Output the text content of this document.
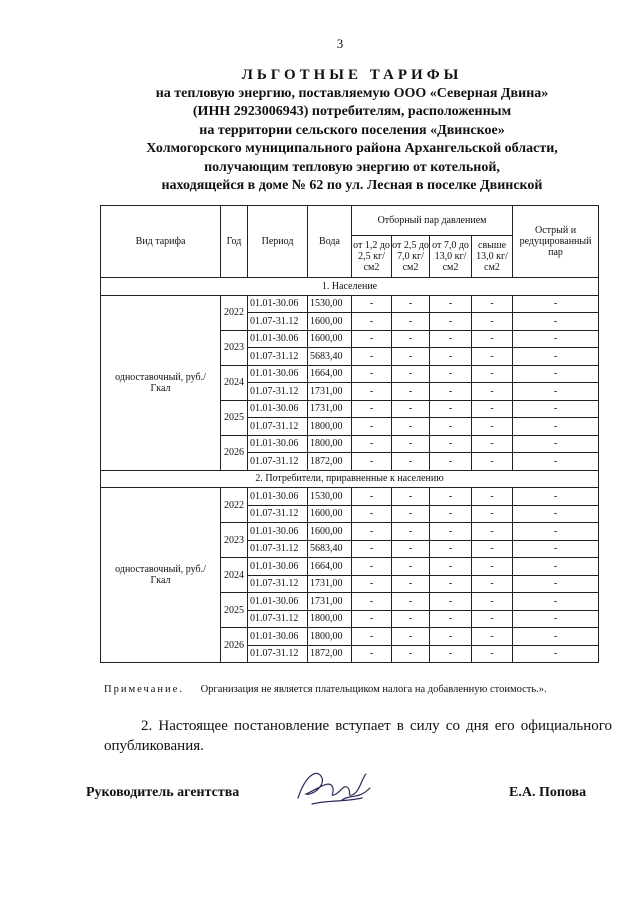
3
ЛЬГОТНЫЕ ТАРИФЫ
на тепловую энергию, поставляемую ООО «Северная Двина»
(ИНН 2923006943) потребителям, расположенным
на территории сельского поселения «Двинское»
Холмогорского муниципального района Архангельской области,
получающим тепловую энергию от котельной,
находящейся в доме № 62 по ул. Лесная в поселке Двинской
Вид тарифа	Год	Период	Вода	Отборный пар давлением				Острый и редуцированный пар
				от 1,2 до 2,5 кг/см2	от 2,5 до 7,0 кг/см2	от 7,0 до 13,0 кг/см2	свыше 13,0 кг/см2	
1. Население								
одноставочный, руб./Гкал	2022	01.01-30.06	1530,00	-	-	-	-	-
		01.07-31.12	1600,00	-	-	-	-	-
	2023	01.01-30.06	1600,00	-	-	-	-	-
		01.07-31.12	5683,40	-	-	-	-	-
	2024	01.01-30.06	1664,00	-	-	-	-	-
		01.07-31.12	1731,00	-	-	-	-	-
	2025	01.01-30.06	1731,00	-	-	-	-	-
		01.07-31.12	1800,00	-	-	-	-	-
	2026	01.01-30.06	1800,00	-	-	-	-	-
		01.07-31.12	1872,00	-	-	-	-	-
2. Потребители, приравненные к населению								
одноставочный, руб./Гкал	2022	01.01-30.06	1530,00	-	-	-	-	-
		01.07-31.12	1600,00	-	-	-	-	-
	2023	01.01-30.06	1600,00	-	-	-	-	-
		01.07-31.12	5683,40	-	-	-	-	-
	2024	01.01-30.06	1664,00	-	-	-	-	-
		01.07-31.12	1731,00	-	-	-	-	-
	2025	01.01-30.06	1731,00	-	-	-	-	-
		01.07-31.12	1800,00	-	-	-	-	-
	2026	01.01-30.06	1800,00	-	-	-	-	-
		01.07-31.12	1872,00	-	-	-	-	-
Примечание. Организация не является плательщиком налога на добавленную стоимость.».
2. Настоящее постановление вступает в силу со дня его официального опубликования.
Руководитель агентства	Е.А. Попова
